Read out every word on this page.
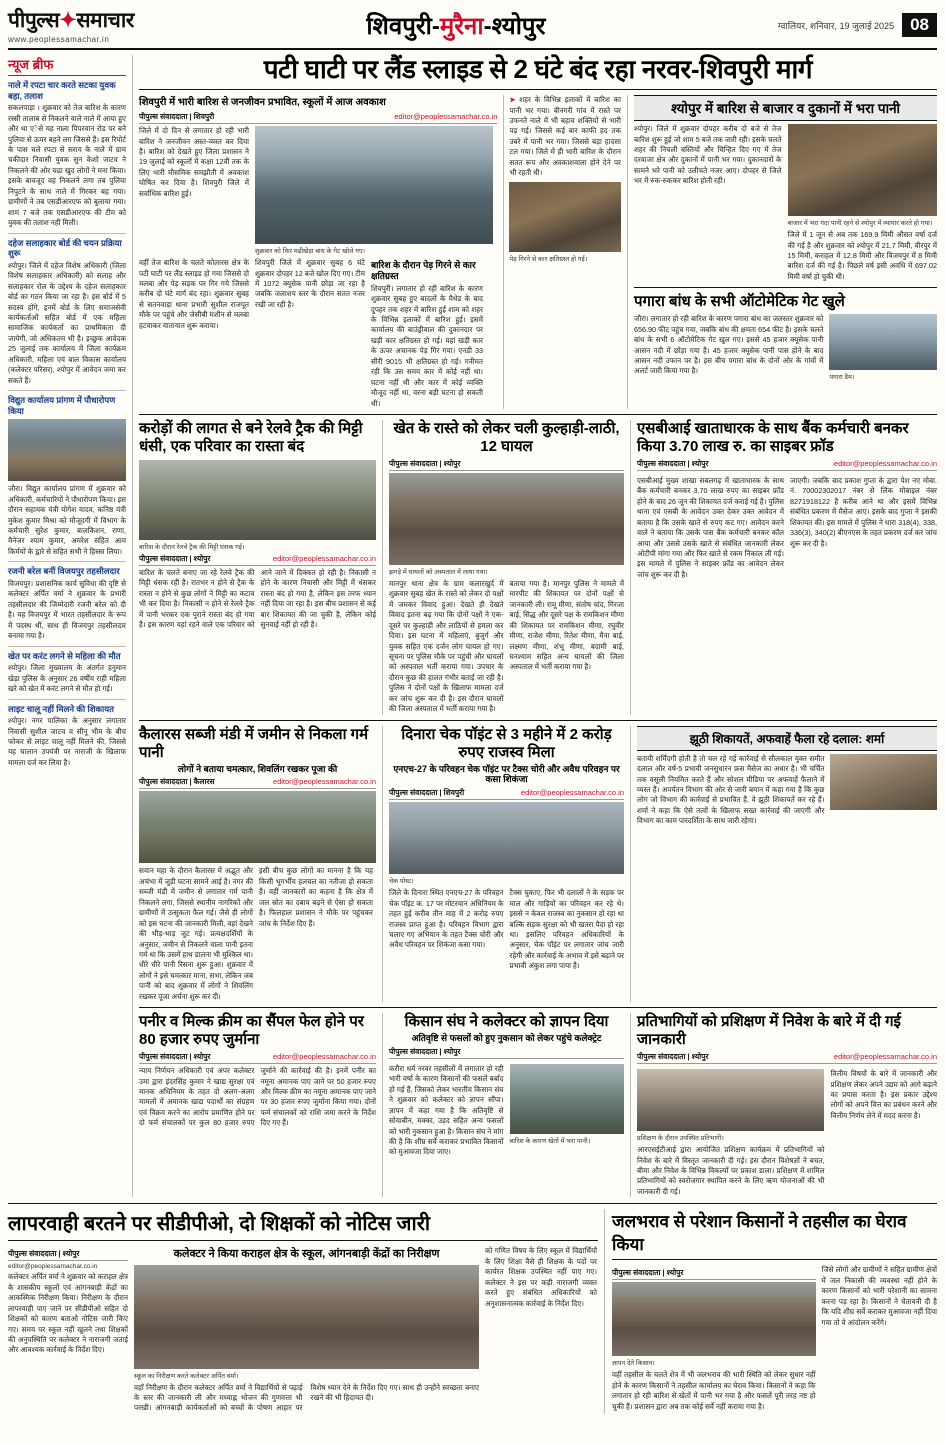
पीपुल्स✦समाचार
www.peoplessamachar.in	शिवपुरी-मुरैना-श्योपुर	ग्वालियर, शनिवार, 19 जुलाई 2025 08
न्यूज ब्रीफ
नाले में रपटा चार करते सटका युवक बहा, तलाश
सकलपाड़ा । शुक्रवार को तेज बारिश के कारण रस्सी तालाब से निकलने वाले नाले में आया हुए और था एेसे यह नाला पिपरवान रोड पर बने पुलिया से ऊपर बहने लग जिससे हैं। इस रिपोर्ट के पास चले रपटा से सराय के नाले में ग्राम चकीदार निवासी युवक सुन केशो जाटव ने निकलने की ओर चढा खुद लोगों ने मना किया। इसके बावजूद वह निकलने लगा तब पुलिया निपुटने के साथ नाले में गिरकर बह गया। ग्रामीणों ने तब एसडीआरएफ को बुलाया गया। शाम 7 बजे तक एसडीआरएफ की टीम को युवक की तलाश नहीं मिली।
दहेज सलाहकार बोर्ड की चयन प्रक्रिया शुरू
श्योपुर। जिले में दहेज विशेष अधिकारी (जिला विशेष सलाहकार अधिकारी) को सलाह और सलाहकार रोल के उद्देश्य के दहेज सलाहकार बोर्ड का गठन किया जा रहा है। इस बोर्ड में 5 सदस्य होंगे, इनमें बोर्ड के लिए समाजसेवी कार्यकर्ताओं सहित बोर्ड में एक महिला सामाजिक कार्यकर्ता का प्राथमिकता दी जायेगी, जो अधिकतम भी है। इच्छुक आवेदक 25 जुलाई तक कार्यालय में जिला कार्यक्रम अधिकारी, महिला एवं बाल विकास कार्यालय (कलेक्टर परिसर), श्योपुर में आवेदन जमा कर सकते हैं।
विद्युत कार्यालय प्रांगण में पौधारोपण किया
जौरा। विद्युत कार्यालय प्रांगण में शुक्रवार को अधिकारी, कर्मचारियों ने पौधारोपण किया। इस दौरान सहायक यंत्री योगेश यादव, कनिष्ठ यंत्री मुकेश कुमार मिश्रा को मौजूदगी में विभाग के कर्मचारी सुरेश कुमार, बालकिशन, राणा, मैनेजर श्याम कुमार, अमरेश सहित आम किर्मयों के द्वारे से सहित सभी ने हिस्सा लिया।
रजनी बरेल बनीं विजयपुर तहसीलदार
विजयपुर। प्रशासनिक कार्य सुविधा की दृष्टि से कलेक्टर अर्पित वर्मा ने शुक्रवार के प्रभारी तहसीलदार की जिम्मेदारी रजनी बरेल को दी है। यह विजयपुर में भारत तहसीलदार के रूप में पदस्थ थीं, साथ ही विजयपुर तहसीलदार बनाया गया है।
खेत पर करंट लगने से महिला की मौत
श्योपुर। जिला मुख्यालय के अंतर्गत हनुमान खेड़ा पुलिस के अनुसार 26 वर्षीय राही महिला खरे को खेत में करंट लगने से मौत हो गई।
लाइट चालू नहीं मिलने की शिकायत
श्योपुर। नगर पालिका के अनुसार लगातार निवासी सुशील जाटव व सीनू भीम के बीच फोकर से लाइट चालू नहीं मिलने की, जिससे यह चालान उपयंत्री पर नाराजी के खिलाफ मामला दर्ज कर लिया है।
पटी घाटी पर लैंड स्लाइड से 2 घंटे बंद रहा नरवर-शिवपुरी मार्ग
शिवपुरी में भारी बारिश से जनजीवन प्रभावित, स्कूलों में आज अवकाश
पीपुल्स संवाददाता | शिवपुरी	editor@peoplessamachar.co.in
जिले में दो दिन से लगातार हो रही भारी बारिश ने जनजीवन अस्त-व्यस्त कर दिया है। बारिश को देखते हुए जिला प्रशासन ने 19 जुलाई को स्कूलों में कक्षा 12वीं तक के लिए भारी मौसमिक समझौती में अवकाश घोषित कर दिया है। शिवपुरी जिले में सर्वाधिक बारिश हुई।
शुक्रवार को फिर मढीखेड़ा बांध के गेट खोले गए।
वहीं तेज बारिश के चलते कोलारस क्षेत्र के पटी घाटी पर लैंड स्लाइड हो गया जिससे दो मलबा और पेड़ सड़क पर गिर गये जिससे करीब दो घंटे मार्ग बंद रहा। शुक्रवार सुबह से सतनवाड़ा थाना प्रभारी सुशील राजपूत मौके पर पहुंचे और जेसीबी मशीन से मलबा हटवाकर यातायात शुरू कराया।
शिवपुरी जिले में शुक्रवार सुबह 6 घंटे शुक्रवार दोपहर 12 बजे खोल दिए गए। टीम में 1072 क्यूसेक पानी छोड़ा जा रहा है जबकि जलाशय स्तर के दौरान सतत नजर रखी जा रही है।
बारिश के दौरान पेड़ गिरने से कार क्षतिग्रस्त
शिवपुरी। लगातार हो रही बारिश के कारण शुक्रवार सुबह हुए बादलों के मैथेड के बाद दुपहर तक शहर में बारिश हुई शाम को शहर के विभिन्न इलाकों में बारिश हुई। इसमें कार्यालय की बाउंड्रीवाल की दुकानदार पर खड़ी कार क्षतिग्रस्त हो गई। यहां खड़ी कार के ऊपर अचानक पेड़ गिर गया। एनडी 33 सीरी 9015 भी क्षतिग्रस्त हो गई। गनीमत रही कि उस समय कार में कोई नहीं था। घटना नहीं थी और कार में कोई व्यक्ति मौजूद नहीं था, वरना बड़ी घटना हो सकती थी।
➤ शहर के विभिन्न इलाकों में बारिश का पानी भर गया। बीनगरी गांव में रास्ते पर उफनते नाले में भी बहाव शक्तियों से भारी पड़ गई। जिससे कई बार काफी हद तक उबरे में पानी भर गया। जिससे बड़ा हादसा टल गया। जिले में ही भारी बारिश के दौरान सतत रूप और अवकाशवाला होने देने पर भी रहती थी।
पेड़ गिरने से कार क्षतिग्रस्त हो गई।
श्योपुर में बारिश से बाजार व दुकानों में भरा पानी
श्योपुर। जिले में शुक्रवार दोपहर करीब दो बजे से तेज बारिश शुरू हुई जो शाम 5 बजे तक जारी रही। इसके चलते शहर की निचली बस्तियों और चिन्हित दिए गए में तेज दरवाजा क्षेत्र और दुकानों में पानी भर गया। दुकानदारों के सामने भरे पानी को उलीचते नजर आए। दोपहर से जिले भर में रुक-रुककर बारिश होती रही।
बाजार में भरा गंदा पानी रहने से श्योपुर में व्यापार करते हो गया।
जिले में 1 जून से अब तक 169.9 मिमी औसत वर्षा दर्ज की गई है और शुक्रवार को श्योपुर में 21.7 मिमी, वीरपुर में 15 मिमी, कराहल में 12.8 मिमी और विजयपुर में 8 मिमी बारिश दर्ज की गई है। पिछले वर्ष इसी अवधि में 697.02 मिमी वर्षा हो चुकी थी।
पगारा बांध के सभी ऑटोमेटिक गेट खुले
जौरा। लगातार हो रही बारिश के कारण पगारा बांध का जलस्तर शुक्रवार को 656.90 फीट पहुंच गया, जबकि बांध की क्षमता 654 फीट है। इसके चलते बांध के सभी 6 ऑटोमेटिक गेट खुल गए। इससे 45 हजार क्यूसेक पानी आसन नदी में छोड़ा गया है। 45 हजार क्यूसेक पानी पास होने के बाद आसन नदी उफान पर है। इस बीच पगारा बांध के दोनों ओर के गांवों में अलर्ट जारी किया गया है।
पगारा डैम।
करोड़ों की लागत से बने रेलवे ट्रैक की मिट्टी धंसी, एक परिवार का रास्ता बंद
बारिश के दौरान रेलवे ट्रैक की मिट्टी धंसक गई।
पीपुल्स संवाददाता | श्योपुर	editor@peoplessamachar.co.in
बारिश के चलते बनाए जा रहे रेलवे ट्रैक की मिट्टी धंसक रही है। रातभर न होने से ट्रैक के रास्ता न होने से कुछ लोगों ने मिट्टी का कटाव भी कर दिया है। निकासी न होने से रेलवे ट्रैक में पानी भरकर एक पुराने रास्ता बंद हो गया है। इस कारण यहां रहने वाले एक परिवार को आने जाने में दिक्कत हो रही है। निकासी न होने के कारण निवासी और मिट्टी में धंसकर रास्ता बंद हो गया है, लेकिन इस तरफ ध्यान नहीं दिया जा रहा है। इस बीच प्रशासन से कई बार शिकायत की जा चुकी है, लेकिन कोई सुनवाई नहीं हो रही है।
खेत के रास्ते को लेकर चली कुल्हाड़ी-लाठी, 12 घायल
पीपुल्स संवाददाता | श्योपुर
झगड़े में घायलों को अस्पताल में लाया गया।
मानपुर थाना क्षेत्र के ग्राम कलारखुर्द में शुक्रवार सुबह खेत के रास्ते को लेकर दो पक्षों में जमकर विवाद हुआ। देखते ही देखते विवाद इतना बढ़ गया कि दोनों पक्षों ने एक-दूसरे पर कुल्हाड़ी और लाठियों से हमला कर दिया। इस घटना में महिलाएं, बुजुर्ग और युवक सहित एक दर्जन लोग घायल हो गए। सूचना पर पुलिस मौके पर पहुंची और घायलों को अस्पताल भर्ती कराया गया। उपचार के दौरान कुछ की हालत गंभीर बताई जा रही है। पुलिस ने दोनों पक्षों के खिलाफ मामला दर्ज कर जांच शुरू कर दी है। इस दौरान घायलों की जिला अस्पताल में भर्ती कराया गया है।
बताया गया है। मानपुर पुलिस ने मामले में मारपीट की शिकायत पर दोनों पक्षों से जानकारी ली। रामू मीणा, संतोष चांद, गिरजा बाई, सिद्ध और दूसरे पक्ष के रामकिशन मीणा की शिकायत पर रामकिशन मीणा, रघुवीर मीणा, राजेश मीणा, रितेश मीणा, मैना बाई, लक्ष्मण मीणा, शंभू मीणा, बदामी बाई, घनश्याम सहित अन्य घायलों की जिला अस्पताल में भर्ती कराया गया है।
एसबीआई खाताधारक के साथ बैंक कर्मचारी बनकर किया 3.70 लाख रु. का साइबर फ्रॉड
पीपुल्स संवाददाता | श्योपुर	editor@peoplessamachar.co.in
एसबीआई मुख्य शाखा सबलगढ़ में खाताधारक के साथ बैंक कर्मचारी बनकर 3.70 लाख रुपए का साइबर फ्रॉड होने के बाद 26 जून की शिकायत दर्ज कराई गई है। पुलिस थाना एवं एसबी के आवेदन उक्त देकर उक्त आवेदन में बताया है कि उसके खाते से रुपए कट गए। आवेदन करने वाले ने बताया कि उसके पास बैंक कर्मचारी बनकर कॉल आया और उससे उसके खाते से संबंधित जानकारी लेकर ओटीपी मांगा गया और फिर खाते से रकम निकाल ली गई। इस मामले में पुलिस ने साइबर फ्रॉड का आवेदन लेकर जांच शुरू कर दी है।
जाएगी। जबकि बाद प्रकाश गुप्ता के द्वारा पेश नए मोबा. नं. 70002302017 नंबर से लिंक मोबाइल नंबर 8271918122 है करीब आने था और इसमें विभिन्न संबंधित प्रकरण में मैसेज आए। इसके बाद गुप्ता ने इसकी शिकायत की। इस मामले में पुलिस ने धारा 318(4), 338, 336(3), 340(2) बीएनएस के तहत प्रकरण दर्ज कर जांच शुरू कर दी है।
कैलारस सब्जी मंडी में जमीन से निकला गर्म पानी
लोगों ने बताया चमत्कार, शिवलिंग रखकर पूजा की
पीपुल्स संवाददाता | कैलारस	editor@peoplessamachar.co.in
सयान महा के दौरान कैलारस में अद्भुत और अचंभा में जुड़ी घटना सामने आई है। नगर की सब्जी मंडी में जमीन से लगातार गर्म पानी निकलने लगा, जिससे स्थानीय नागरिकों और ग्रामीणों में उत्सुकता फैल गई। जैसे ही लोगों को इस घटना की जानकारी मिली, वहां देखने की भीड़-भाड़ जुट गई। प्रत्यक्षदर्शियों के अनुसार, जमीन से निकलने वाला पानी इतना गर्म था कि उसमें हाथ डालना भी मुश्किल था। धीरे धीरे पानी रिसना शुरू हुआ। शुक्रवार में लोगों ने इसे चमत्कार माना, सभा, लेकिन जब पानी को बाद शुक्रवार में लोगों ने शिवलिंग रखकर पूजा अर्चना शुरू कर दी।
इसी बीच कुछ लोगों का मानना है कि यह किसी भूगर्भीय हलचल का नतीजा हो सकता है। वहीं जानकारों का कहना है कि क्षेत्र में जल स्रोत का दबाव बढ़ने से ऐसा हो सकता है। फिलहाल प्रशासन ने मौके पर पहुंचकर जांच के निर्देश दिए हैं।
दिनारा चेक पॉइंट से 3 महीने में 2 करोड़ रुपए राजस्व मिला
एनएच-27 के परिवहन चेक पॉइंट पर टैक्स चोरी और अवैध परिवहन पर कसा शिकंजा
पीपुल्स संवाददाता | शिवपुरी	editor@peoplessamachar.co.in
चेक पोस्ट।
जिले के दिनारा स्थित एनएच-27 के परिवहन चेक पॉइंट क. 17 पर मोटरयान अधिनियम के तहत हुई करीब तीन माह में 2 करोड़ रुपए राजस्व प्राप्त हुआ है। परिवहन विभाग द्वारा चलाए गए अभियान के तहत टैक्स चोरी और अवैध परिवहन पर शिकंजा कसा गया।
टैक्स चुकाए, फिर भी दलालों ने के सड़क पर माल और गाड़ियों का परिवहन कर रहे थे। इससे न केवल राजस्व का नुकसान हो रहा था बल्कि सड़क सुरक्षा को भी खतरा पैदा हो रहा था। इसलिए परिवहन अधिकारियों के अनुसार, चेक पॉइंट पर लगातार जांच जारी रहेगी और कार्रवाई के अभाव में इसे बढ़ाने पर प्रभावी अंकुश लगा पाया है।
झूठी शिकायतें, अफवाहें फैला रहे दलाल: शर्मा
बतायी शर्मिंदगी होती है तो चल रहे गई कार्रवाई से सीलकाल युक्त समीत दलाल और वर्ष-5 प्रभावी जनसुधारन फ्रस मैसेज का अधार है। भी चर्चित तक वसूली नियमित करते हैं और सोशल मीडिया पर अफवाहें फैलाने में व्यस्त हैं। अपर्यतन विभाग की ओर से जारी बयान में कहा गया है कि कुछ लोग जो विभाग की कार्रवाई से प्रभावित हैं, वे झूठी शिकायतें कर रहे हैं। शर्मा ने कहा कि ऐसे तत्वों के खिलाफ सख्त कार्रवाई की जाएगी और विभाग का काम पारदर्शिता के साथ जारी रहेगा।
पनीर व मिल्क क्रीम का सैंपल फेल होने पर 80 हजार रुपए जुर्माना
पीपुल्स संवाददाता | श्योपुर	editor@peoplessamachar.co.in
न्याय निर्णयन अधिकारी एवं अपर कलेक्टर उमा द्वारा इंदरसिंह कुमार ने खाद्य सुरक्षा एवं मानक अधिनियम के तहत दो अलग-अलग मामलों में अमानक खाद्य पदार्थों का संग्रहण एवं विक्रय करने का आरोप प्रमाणित होने पर दो फर्म संचालकों पर कुल 80 हजार रुपए जुर्माने की कार्रवाई की है। इनमें पनीर का नमूना अमानक पाए जाने पर 50 हजार रुपए और मिल्क क्रीम का नमूना अमानक पाए जाने पर 30 हजार रुपए जुर्माना किया गया। दोनों फर्म संचालकों को राशि जमा करने के निर्देश दिए गए हैं।
किसान संघ ने कलेक्टर को ज्ञापन दिया
अतिवृष्टि से फसलों को हुए नुकसान को लेकर पहुंचे कलेक्ट्रेट
पीपुल्स संवाददाता | श्योपुर
करौरा धर्म नरवर तहसीलों में लगातार हो रही भारी वर्षा के कारण किसानों की फसलें बर्बाद हो गई हैं, जिसको लेकर भारतीय किसान संघ ने शुक्रवार को कलेक्टर को ज्ञापन सौंपा। ज्ञापन में कहा गया है कि अतिवृष्टि से सोयाबीन, मक्का, उड़द सहित अन्य फसलों को भारी नुकसान हुआ है। किसान संघ ने मांग की है कि शीघ्र सर्वे कराकर प्रभावित किसानों को मुआवजा दिया जाए।
बारिश के कारण खेतों में भरा पानी।
प्रतिभागियों को प्रशिक्षण में निवेश के बारे में दी गई जानकारी
पीपुल्स संवाददाता | श्योपुर	editor@peoplessamachar.co.in
प्रशिक्षण के दौरान उपस्थित प्रतिभागी।
आरएसईटीआई द्वारा आयोजित प्रशिक्षण कार्यक्रम में प्रतिभागियों को निवेश के बारे में विस्तृत जानकारी दी गई। इस दौरान विशेषज्ञों ने बचत, बीमा और निवेश के विभिन्न विकल्पों पर प्रकाश डाला। प्रशिक्षण में शामिल प्रतिभागियों को स्वरोजगार स्थापित करने के लिए ऋण योजनाओं की भी जानकारी दी गई।
वित्तीय विषयों के बारे में जानकारी और प्रशिक्षण लेकर अपने उद्यम को आगे बढ़ाने का प्रयास करता है। इस प्रकार उद्देश्य लोगों को अपने वित्त का प्रबंधन करने और वित्तीय निर्णय लेने में मदद करना है।
लापरवाही बरतने पर सीडीपीओ, दो शिक्षकों को नोटिस जारी
पीपुल्स संवाददाता | श्योपुर
editor@peoplessamachar.co.in
कलेक्टर अर्पित वर्मा ने शुक्रवार को कराहल क्षेत्र के शासकीय स्कूलों एवं आंगनबाड़ी केंद्रों का आकस्मिक निरीक्षण किया। निरीक्षण के दौरान लापरवाही पाए जाने पर सीडीपीओ सहित दो शिक्षकों को कारण बताओ नोटिस जारी किए गए। समय पर स्कूल नहीं खुलने तथा शिक्षकों की अनुपस्थिति पर कलेक्टर ने नाराजगी जताई और आवश्यक कार्रवाई के निर्देश दिए।
कलेक्टर ने किया कराहल क्षेत्र के स्कूल, आंगनबाड़ी केंद्रों का निरीक्षण
स्कूल का निरीक्षण करते कलेक्टर अर्पित वर्मा।
वहाँ निरीक्षण के दौरान कलेक्टर अर्पित वर्मा ने विद्यार्थियों से पढ़ाई के स्तर की जानकारी ली और मध्याह्न भोजन की गुणवत्ता भी परखी। आंगनबाड़ी कार्यकर्ताओं को बच्चों के पोषण आहार पर विशेष ध्यान देने के निर्देश दिए गए। साथ ही उन्होंने स्वच्छता बनाए रखने की भी हिदायत दी।
को गणित विषय के लिए स्कूल में विद्यार्थियों के लिए शिक्षा वैसे ही शिक्षक के पदों पर कार्यरत शिक्षक उपस्थित नहीं पाए गए। कलेक्टर ने इस पर कड़ी नाराजगी व्यक्त करते हुए संबंधित अधिकारियों को अनुशासनात्मक कार्रवाई के निर्देश दिए।
जलभराव से परेशान किसानों ने तहसील का घेराव किया
पीपुल्स संवाददाता | श्योपुर
ज्ञापन देते किसान।
वहीं तहसील के चलते शेत्र में भी जलभराव की भारी स्थिति को लेकर सुधार नहीं होने के कारण किसानों ने तहसील कार्यालय का घेराव किया। किसानों ने कहा कि लगातार हो रही बारिश से खेतों में पानी भर गया है और फसलें पूरी तरह नष्ट हो चुकी हैं। प्रशासन द्वारा अब तक कोई सर्वे नहीं कराया गया है।
जिसे लोगों और ग्रामीणों ने सहित ग्रामीण क्षेत्रों में जल निकासी की व्यवस्था नहीं होने के कारण किसानों को भारी परेशानी का सामना करना पड़ रहा है। किसानों ने चेतावनी दी है कि यदि शीघ्र सर्वे कराकर मुआवजा नहीं दिया गया तो वे आंदोलन करेंगे।
